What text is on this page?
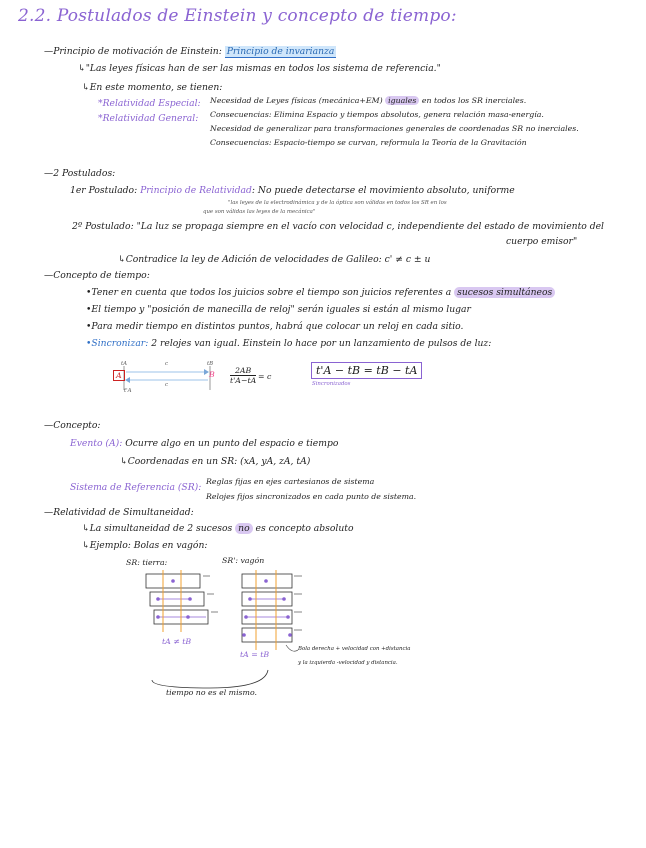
2.2. Postulados de Einstein y concepto de tiempo:
—Principio de motivación de Einstein: Principio de invarianza
↳"Las leyes físicas han de ser las mismas en todos los sistema de referencia."
↳En este momento, se tienen:
*Relatividad Especial:
*Relatividad General:
Necesidad de Leyes físicas (mecánica+EM) iguales en todos los SR inerciales.
Consecuencias: Elimina Espacio y tiempos absolutos, genera relación masa-energía.
Necesidad de generalizar para transformaciones generales de coordenadas SR no inerciales.
Consecuencias: Espacio-tiempo se curvan, reformula la Teoría de la Gravitación
—2 Postulados:
1er Postulado: Principio de Relatividad: No puede detectarse el movimiento absoluto, uniforme
"las leyes de la electrodinámica y de la óptica son válidas en todos los SR en los
que son válidas las leyes de la mecánica"
2º Postulado: "La luz se propaga siempre en el vacío con velocidad c, independiente del estado de movimiento del
cuerpo emisor"
↳Contradice la ley de Adición de velocidades de Galileo: c' ≠ c ± u
—Concepto de tiempo:
•Tener en cuenta que todos los juicios sobre el tiempo son juicios referentes a sucesos simultáneos
•El tiempo y "posición de manecilla de reloj" serán iguales si están al mismo lugar
•Para medir tiempo en distintos puntos, habrá que colocar un reloj en cada sitio.
•Sincronizar: 2 relojes van igual. Einstein lo hace por un lanzamiento de pulsos de luz:
A	B
c
c
tA	tB
t'A
2AB
t'A−tA = c	t'A − tB = tB − tA
Sincronizados
—Concepto:
Evento (A): Ocurre algo en un punto del espacio e tiempo
↳Coordenadas en un SR: (xA, yA, zA, tA)
Sistema de Referencia (SR):
Reglas fijas en ejes cartesianos de sistema
Relojes fijos sincronizados en cada punto de sistema.
—Relatividad de Simultaneidad:
↳La simultaneidad de 2 sucesos no es concepto absoluto
↳Ejemplo: Bolas en vagón:
SR: tierra:	SR': vagón
tA ≠ tB
tA = tB
Bola derecha + velocidad con +distancia
y la izquierda -velocidad y distancia.
tiempo no es el mismo.
